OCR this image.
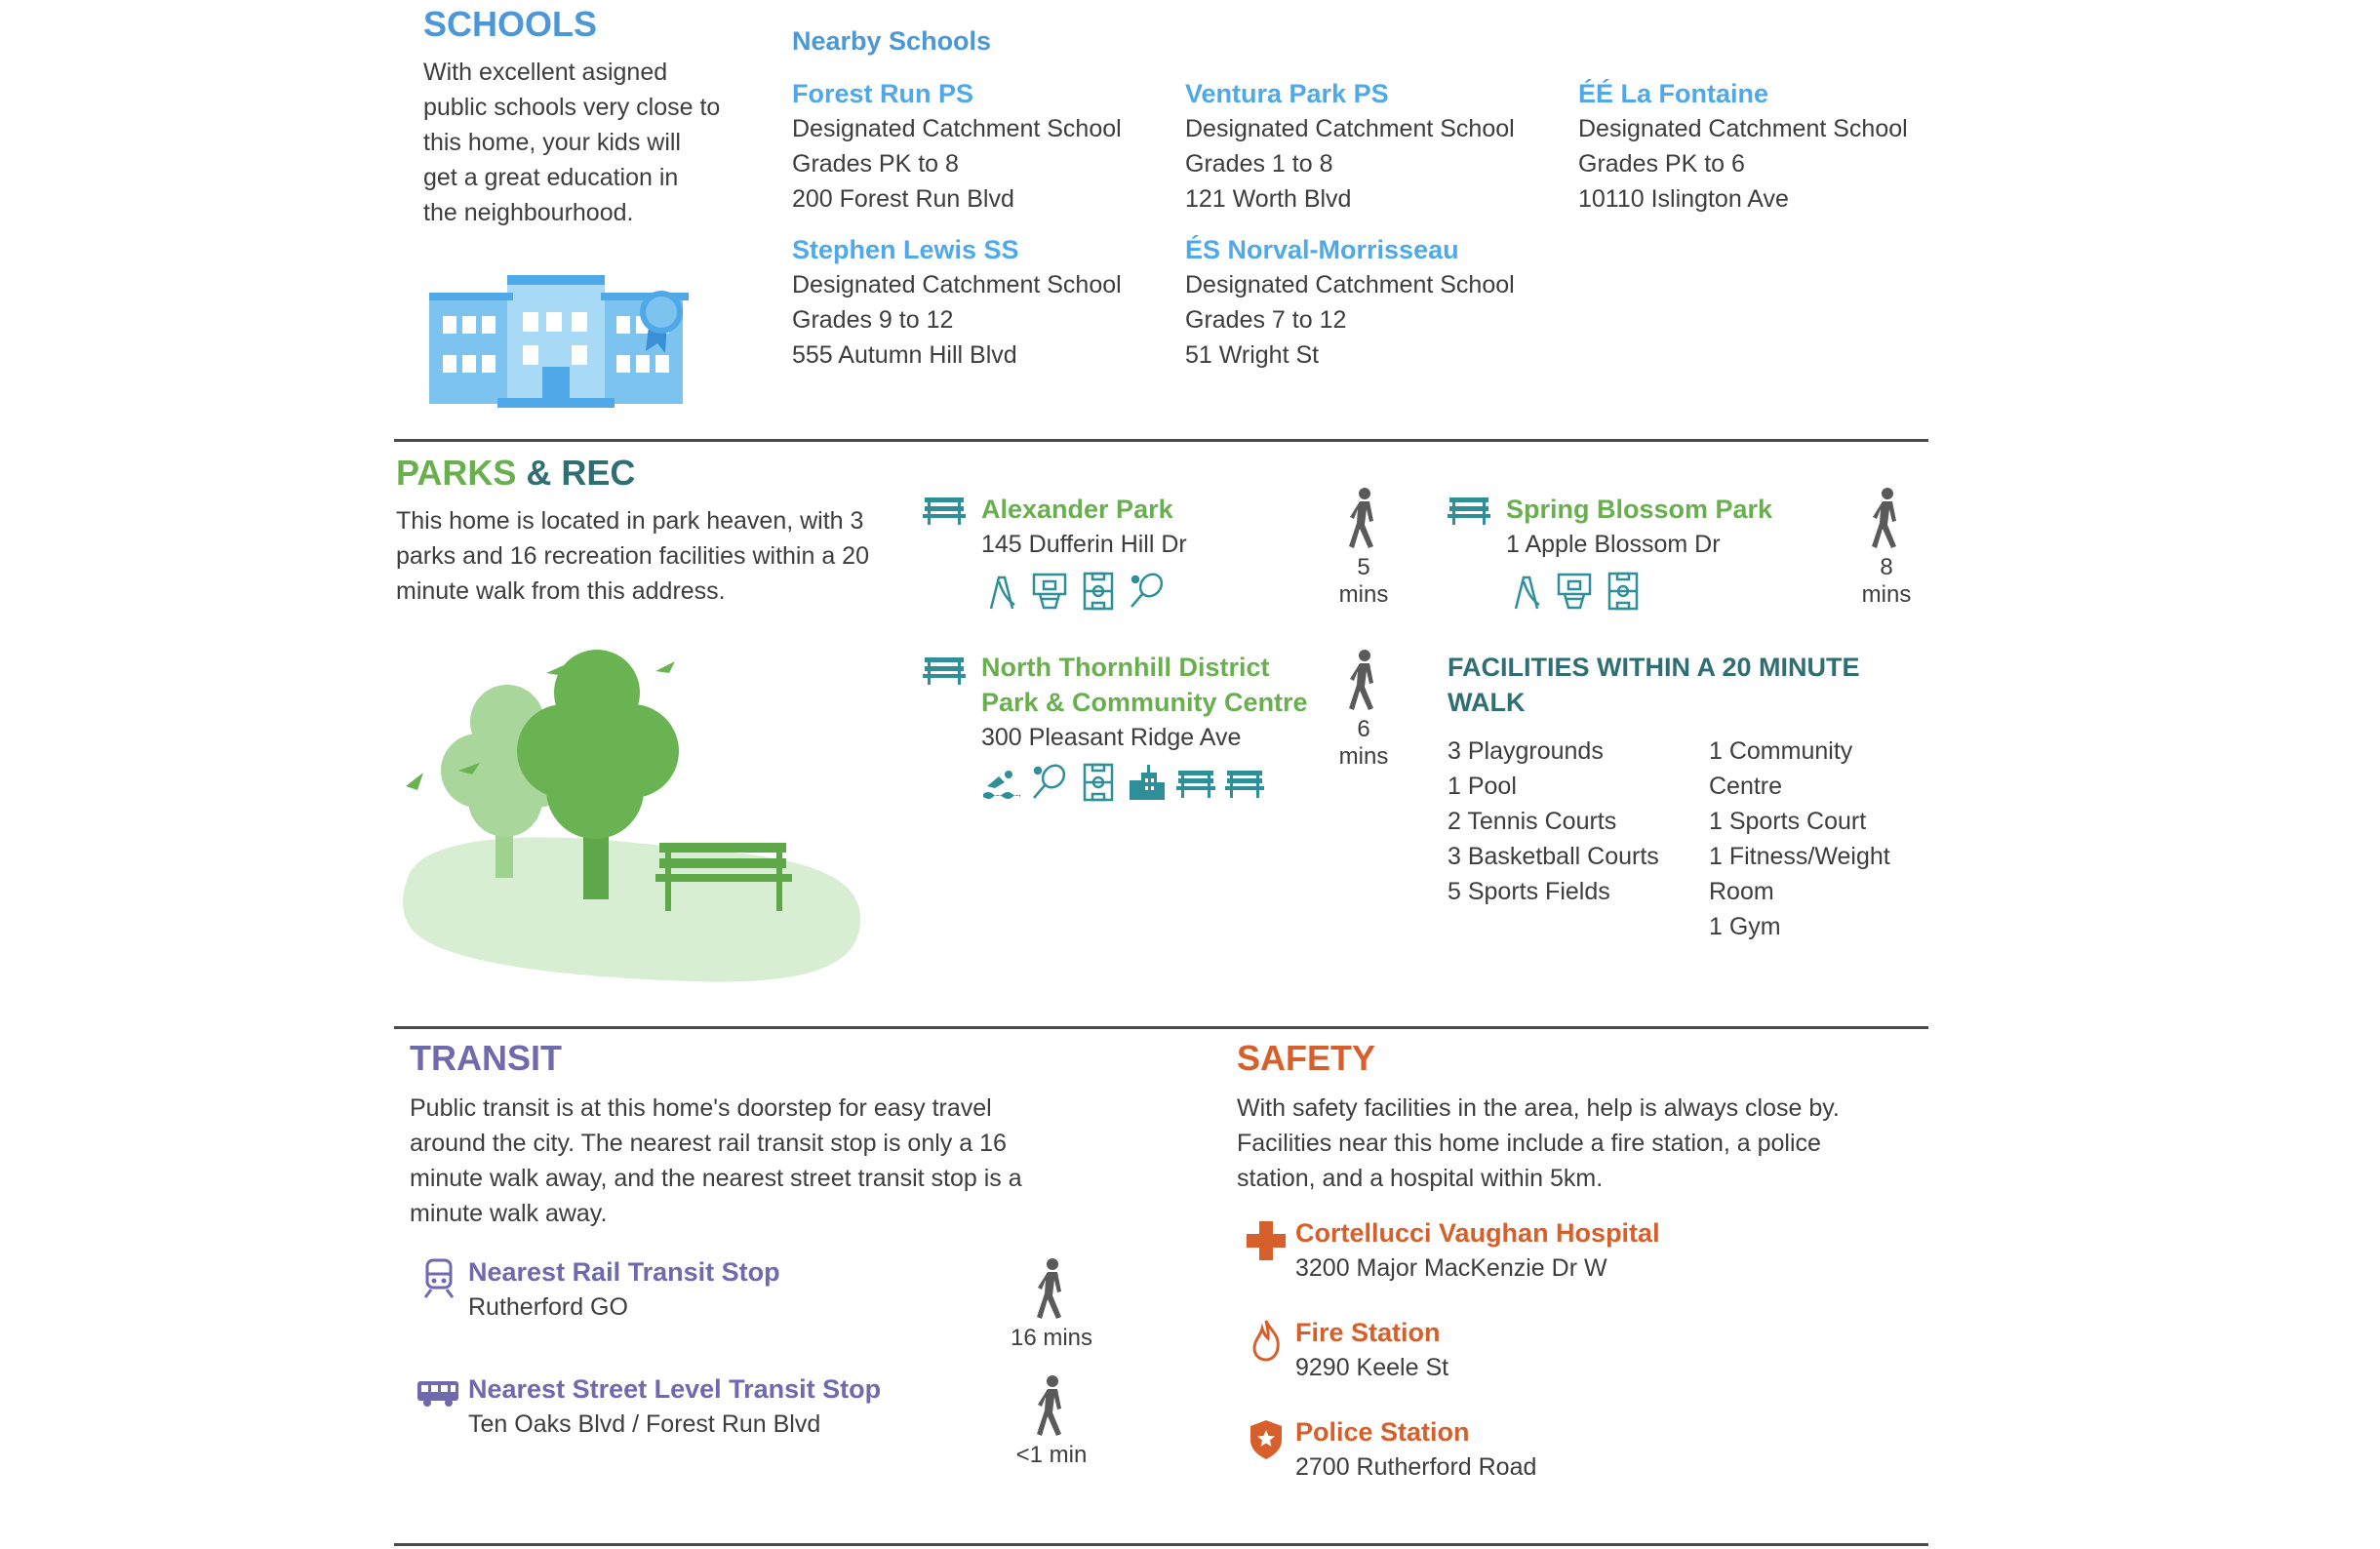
SCHOOLS
With excellent asigned
public schools very close to
this home, your kids will
get a great education in
the neighbourhood.
Nearby Schools
Forest Run PS
Designated Catchment School
Grades PK to 8
200 Forest Run Blvd
Ventura Park PS
Designated Catchment School
Grades 1 to 8
121 Worth Blvd
ÉÉ La Fontaine
Designated Catchment School
Grades PK to 6
10110 Islington Ave
Stephen Lewis SS
Designated Catchment School
Grades 9 to 12
555 Autumn Hill Blvd
ÉS Norval-Morrisseau
Designated Catchment School
Grades 7 to 12
51 Wright St
PARKS & REC
This home is located in park heaven, with 3
parks and 16 recreation facilities within a 20
minute walk from this address.
Alexander Park
145 Dufferin Hill Dr
5 mins
Spring Blossom Park
1 Apple Blossom Dr
8 mins
North Thornhill District
Park & Community Centre
300 Pleasant Ridge Ave	6 mins
FACILITIES WITHIN A 20 MINUTE
WALK
3 Playgrounds
1 Pool
2 Tennis Courts
3 Basketball Courts
5 Sports Fields
1 Community
Centre
1 Sports Court
1 Fitness/Weight
Room
1 Gym
TRANSIT
Public transit is at this home's doorstep for easy travel
around the city. The nearest rail transit stop is only a 16
minute walk away, and the nearest street transit stop is a
minute walk away.
Nearest Rail Transit Stop
Rutherford GO
16 mins
Nearest Street Level Transit Stop
Ten Oaks Blvd / Forest Run Blvd
<1 min
SAFETY
With safety facilities in the area, help is always close by.
Facilities near this home include a fire station, a police
station, and a hospital within 5km.
Cortellucci Vaughan Hospital
3200 Major MacKenzie Dr W
Fire Station
9290 Keele St
Police Station
2700 Rutherford Road
